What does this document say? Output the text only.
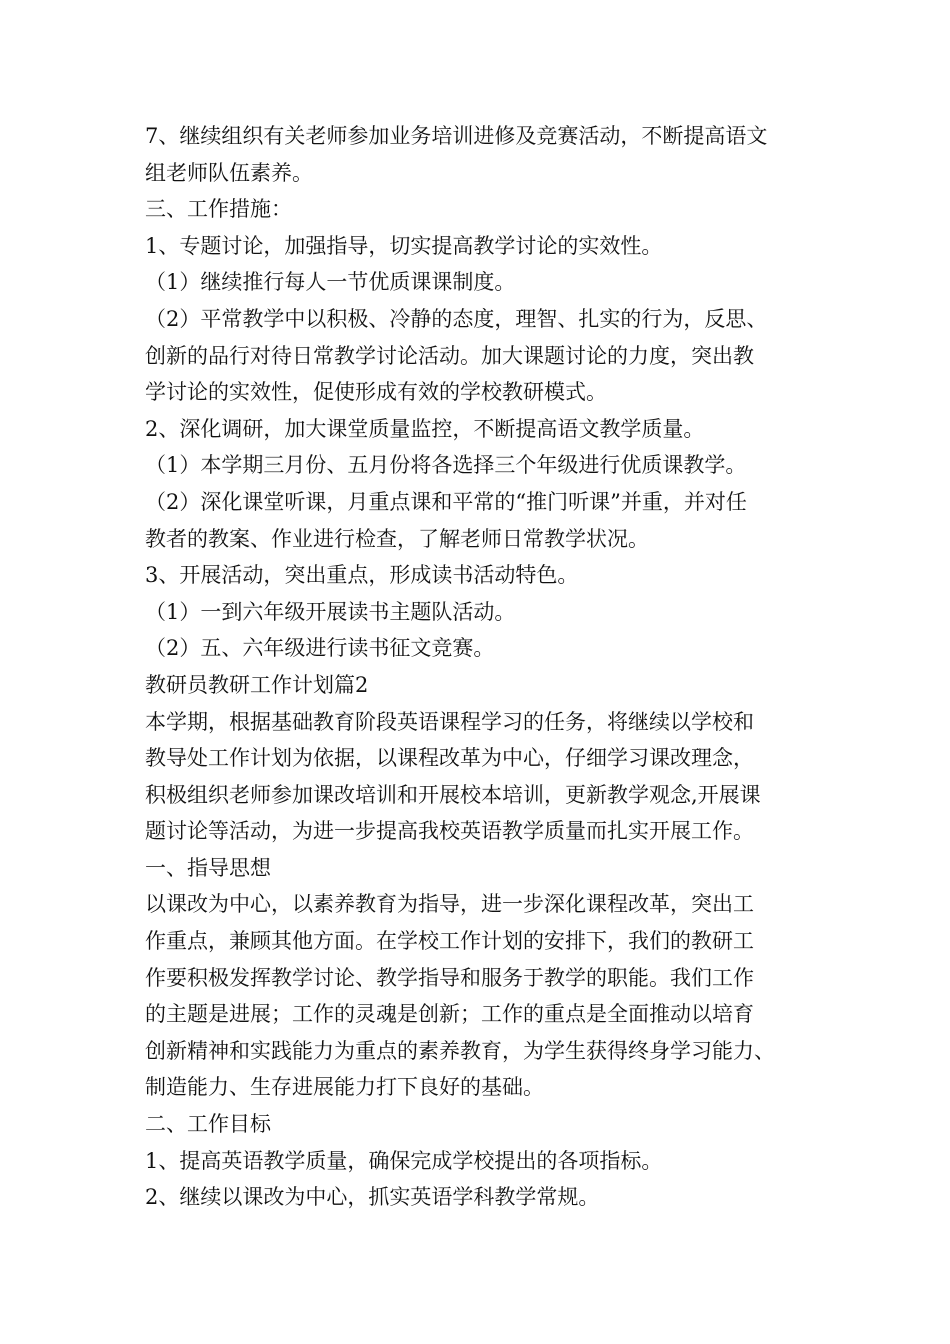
7、继续组织有关老师参加业务培训进修及竞赛活动，不断提高语文
组老师队伍素养。
三、工作措施：
1、专题讨论，加强指导，切实提高教学讨论的实效性。
（1）继续推行每人一节优质课课制度。
（2）平常教学中以积极、冷静的态度，理智、扎实的行为，反思、
创新的品行对待日常教学讨论活动。加大课题讨论的力度，突出教
学讨论的实效性，促使形成有效的学校教研模式。
2、深化调研，加大课堂质量监控，不断提高语文教学质量。
（1）本学期三月份、五月份将各选择三个年级进行优质课教学。
（2）深化课堂听课，月重点课和平常的“推门听课”并重，并对任
教者的教案、作业进行检查，了解老师日常教学状况。
3、开展活动，突出重点，形成读书活动特色。
（1）一到六年级开展读书主题队活动。
（2）五、六年级进行读书征文竞赛。
教研员教研工作计划篇2
本学期，根据基础教育阶段英语课程学习的任务，将继续以学校和
教导处工作计划为依据，以课程改革为中心，仔细学习课改理念，
积极组织老师参加课改培训和开展校本培训，更新教学观念,开展课
题讨论等活动，为进一步提高我校英语教学质量而扎实开展工作。
一、指导思想
以课改为中心，以素养教育为指导，进一步深化课程改革，突出工
作重点，兼顾其他方面。在学校工作计划的安排下，我们的教研工
作要积极发挥教学讨论、教学指导和服务于教学的职能。我们工作
的主题是进展；工作的灵魂是创新；工作的重点是全面推动以培育
创新精神和实践能力为重点的素养教育，为学生获得终身学习能力、
制造能力、生存进展能力打下良好的基础。
二、工作目标
1、提高英语教学质量，确保完成学校提出的各项指标。
2、继续以课改为中心，抓实英语学科教学常规。
